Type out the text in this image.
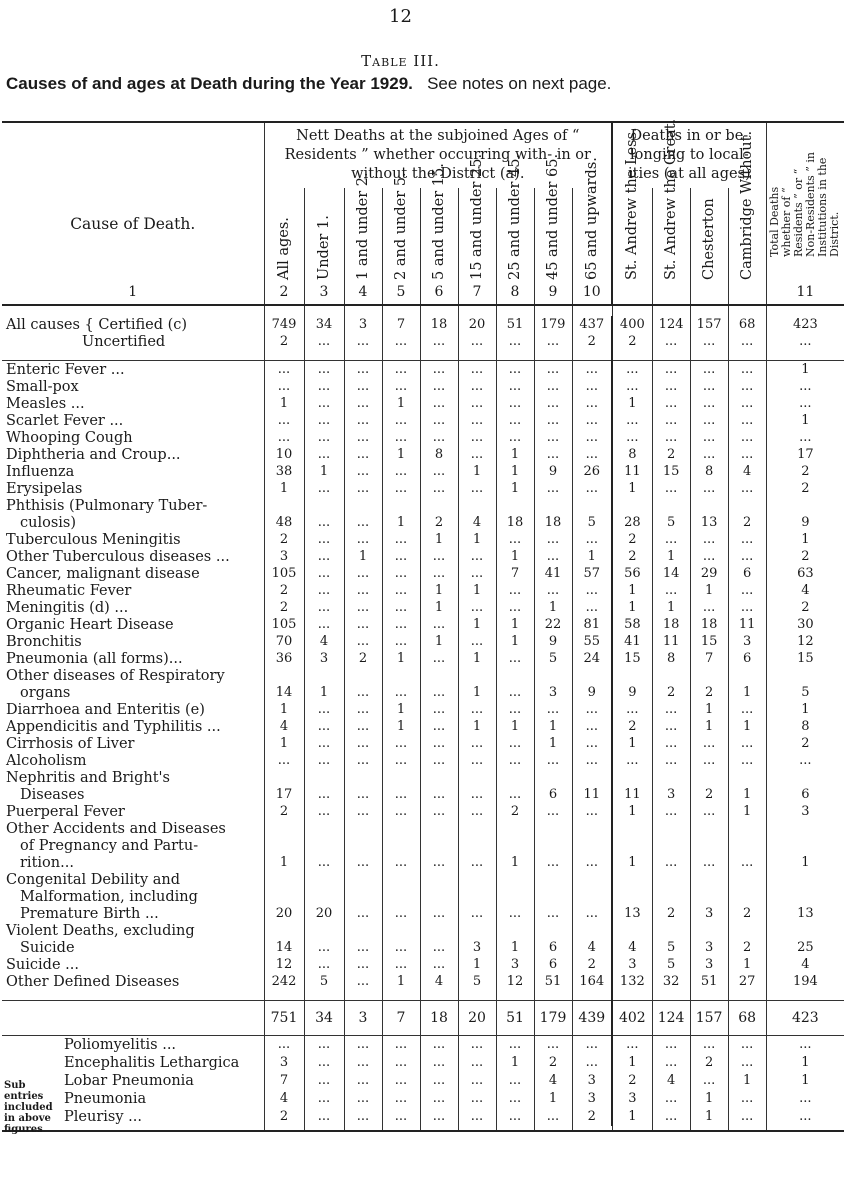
12
Table III.
Causes of and ages at Death during the Year 1929. See notes on next page.
Cause of Death.	Nett Deaths at the subjoined Ages of “ Residents ” whether occurring with- in or without the District (a).									Deaths in or be- longing to local- ities (at all ages)				Total Deaths whether of “ Residents ” or “ Non-Residents ” in Institutions in the District.

	All ages.	Under 1.	1 and under 2.	2 and under 5.	5 and under 15.	15 and under 25.	25 and under 45.	45 and under 65.	65 and upwards.	St. Andrew the Less.	St. Andrew the Great.	Chesterton	Cambridge Without.	

1	2	3	4	5	6	7	8	9	10					11

All causes { Certified (c)	749	34	3	7	18	20	51	179	437	400	124	157	68	423
Uncertified	2	...	...	...	...	...	...	...	2	2	...	...	...	...

Enteric Fever ...	...	...	...	...	...	...	...	...	...	...	...	...	...	1
Small-pox	...	...	...	...	...	...	...	...	...	...	...	...	...	...
Measles ...	1	...	...	1	...	...	...	...	...	1	...	...	...	...
Scarlet Fever ...	...	...	...	...	...	...	...	...	...	...	...	...	...	1
Whooping Cough	...	...	...	...	...	...	...	...	...	...	...	...	...	...
Diphtheria and Croup...	10	...	...	1	8	...	1	...	...	8	2	...	...	17
Influenza	38	1	...	...	...	1	1	9	26	11	15	8	4	2
Erysipelas	1	...	...	...	...	...	1	...	...	1	...	...	...	2
Phthisis (Pulmonary Tuber-														
culosis)	48	...	...	1	2	4	18	18	5	28	5	13	2	9
Tuberculous Meningitis	2	...	...	...	1	1	...	...	...	2	...	...	...	1
Other Tuberculous diseases ...	3	...	1	...	...	...	1	...	1	2	1	...	...	2
Cancer, malignant disease	105	...	...	...	...	...	7	41	57	56	14	29	6	63
Rheumatic Fever	2	...	...	...	1	1	...	...	...	1	...	1	...	4
Meningitis (d) ...	2	...	...	...	1	...	...	1	...	1	1	...	...	2
Organic Heart Disease	105	...	...	...	...	1	1	22	81	58	18	18	11	30
Bronchitis	70	4	...	...	1	...	1	9	55	41	11	15	3	12
Pneumonia (all forms)...	36	3	2	1	...	1	...	5	24	15	8	7	6	15
Other diseases of Respiratory														
organs	14	1	...	...	...	1	...	3	9	9	2	2	1	5
Diarrhoea and Enteritis (e)	1	...	...	1	...	...	...	...	...	...	...	1	...	1
Appendicitis and Typhilitis ...	4	...	...	1	...	1	1	1	...	2	...	1	1	8
Cirrhosis of Liver	1	...	...	...	...	...	...	1	...	1	...	...	...	2
Alcoholism	...	...	...	...	...	...	...	...	...	...	...	...	...	...
Nephritis and Bright's														
Diseases	17	...	...	...	...	...	...	6	11	11	3	2	1	6
Puerperal Fever	2	...	...	...	...	...	2	...	...	1	...	...	1	3
Other Accidents and Diseases														
of Pregnancy and Partu-														
rition...	1	...	...	...	...	...	1	...	...	1	...	...	...	1
Congenital Debility and														
Malformation, including														
Premature Birth ...	20	20	...	...	...	...	...	...	...	13	2	3	2	13
Violent Deaths, excluding														
Suicide	14	...	...	...	...	3	1	6	4	4	5	3	2	25
Suicide ...	12	...	...	...	...	1	3	6	2	3	5	3	1	4
Other Defined Diseases	242	5	...	1	4	5	12	51	164	132	32	51	27	194

	751	34	3	7	18	20	51	179	439	402	124	157	68	423
Poliomyelitis ...	...	...	...	...	...	...	...	...	...	...	...	...	...	...
Encephalitis Lethargica	3	...	...	...	...	...	1	2	...	1	...	2	...	1
Lobar Pneumonia	7	...	...	...	...	...	...	4	3	2	4	...	1	1
Pneumonia	4	...	...	...	...	...	...	1	3	3	...	1	...	...
Pleurisy ...	2	...	...	...	...	...	...	...	2	1	...	1	...	...

Sub entries included in above figures
